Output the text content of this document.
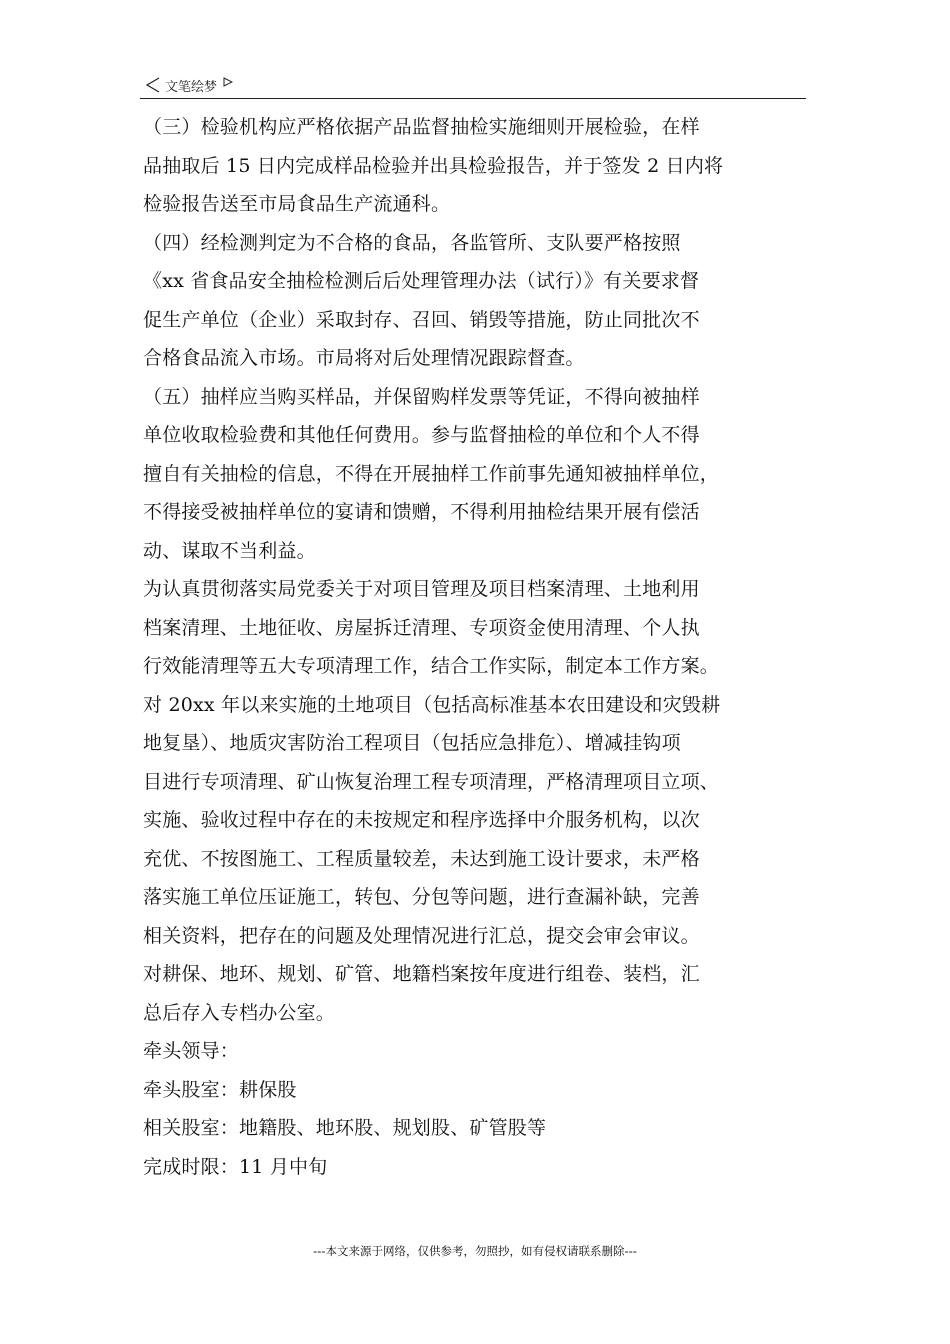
文笔绘梦
（三）检验机构应严格依据产品监督抽检实施细则开展检验，在样
品抽取后 15 日内完成样品检验并出具检验报告，并于签发 2 日内将
检验报告送至市局食品生产流通科。
（四）经检测判定为不合格的食品，各监管所、支队要严格按照
《xx 省食品安全抽检检测后后处理管理办法（试行）》有关要求督
促生产单位（企业）采取封存、召回、销毁等措施，防止同批次不
合格食品流入市场。市局将对后处理情况跟踪督查。
（五）抽样应当购买样品，并保留购样发票等凭证，不得向被抽样
单位收取检验费和其他任何费用。参与监督抽检的单位和个人不得
擅自有关抽检的信息，不得在开展抽样工作前事先通知被抽样单位，
不得接受被抽样单位的宴请和馈赠，不得利用抽检结果开展有偿活
动、谋取不当利益。
为认真贯彻落实局党委关于对项目管理及项目档案清理、土地利用
档案清理、土地征收、房屋拆迁清理、专项资金使用清理、个人执
行效能清理等五大专项清理工作，结合工作实际，制定本工作方案。
对 20xx 年以来实施的土地项目（包括高标准基本农田建设和灾毁耕
地复垦）、地质灾害防治工程项目（包括应急排危）、增减挂钩项
目进行专项清理、矿山恢复治理工程专项清理，严格清理项目立项、
实施、验收过程中存在的未按规定和程序选择中介服务机构，以次
充优、不按图施工、工程质量较差，未达到施工设计要求，未严格
落实施工单位压证施工，转包、分包等问题，进行查漏补缺，完善
相关资料，把存在的问题及处理情况进行汇总，提交会审会审议。
对耕保、地环、规划、矿管、地籍档案按年度进行组卷、装档，汇
总后存入专档办公室。
牵头领导：
牵头股室：耕保股
相关股室：地籍股、地环股、规划股、矿管股等
完成时限：11 月中旬
---本文来源于网络，仅供参考，勿照抄，如有侵权请联系删除---
